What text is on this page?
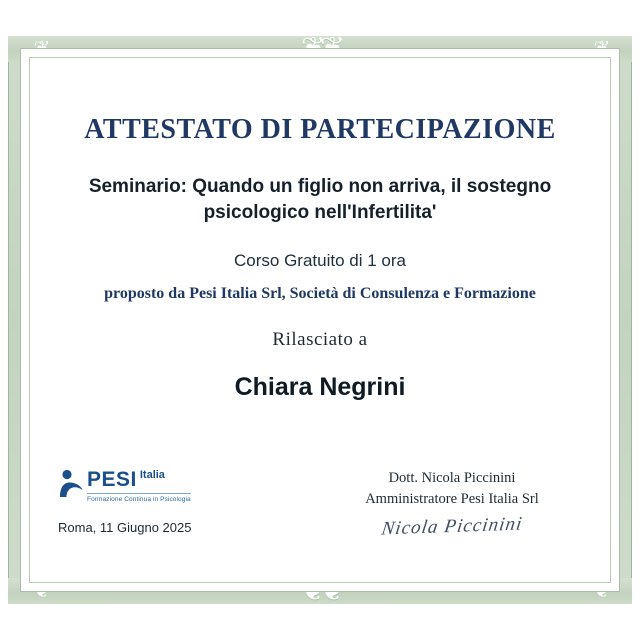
ATTESTATO DI PARTECIPAZIONE
Seminario: Quando un figlio non arriva, il sostegno psicologico nell'Infertilita'
Corso Gratuito di 1 ora
proposto da Pesi Italia Srl, Società di Consulenza e Formazione
Rilasciato a
Chiara Negrini
PESI Italia
Formazione Continua in Psicologia
Roma, 11 Giugno 2025
Dott. Nicola Piccinini
Amministratore Pesi Italia Srl
Nicola Piccinini
